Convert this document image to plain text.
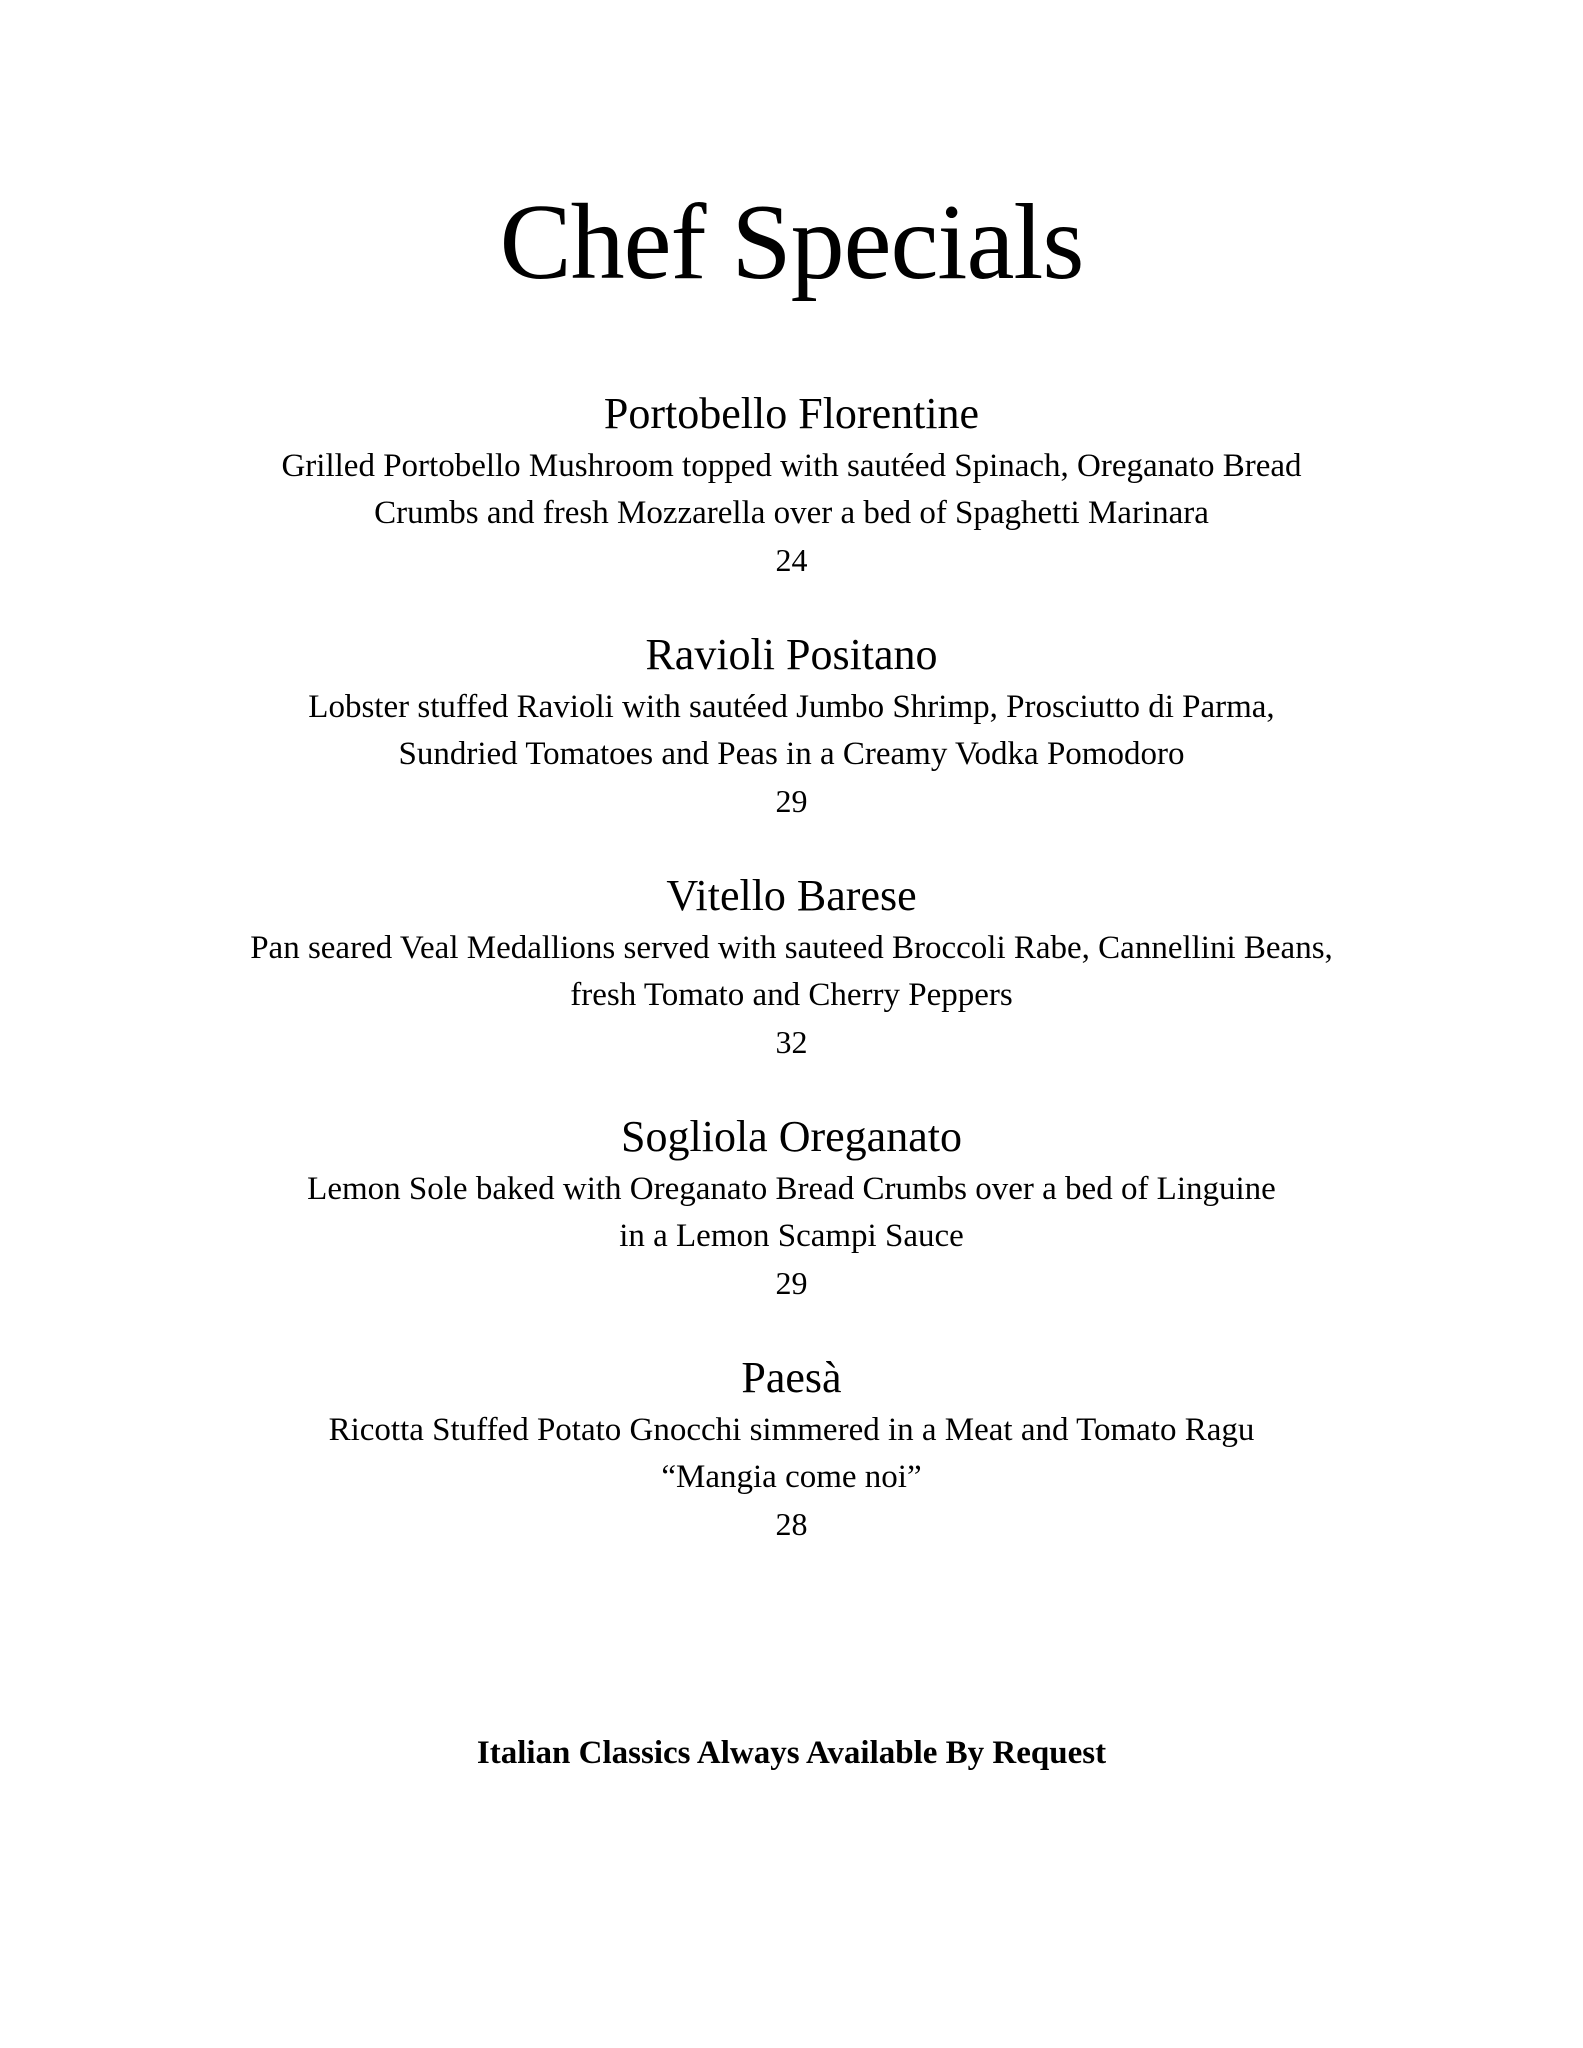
Chef Specials
Portobello Florentine

Grilled Portobello Mushroom topped with sautéed Spinach, Oreganato Bread
Crumbs and fresh Mozzarella over a bed of Spaghetti Marinara

24

Ravioli Positano

Lobster stuffed Ravioli with sautéed Jumbo Shrimp, Prosciutto di Parma,
Sundried Tomatoes and Peas in a Creamy Vodka Pomodoro

29

Vitello Barese

Pan seared Veal Medallions served with sauteed Broccoli Rabe, Cannellini Beans,
fresh Tomato and Cherry Peppers

32

Sogliola Oreganato

Lemon Sole baked with Oreganato Bread Crumbs over a bed of Linguine
in a Lemon Scampi Sauce

29

Paesà

Ricotta Stuffed Potato Gnocchi simmered in a Meat and Tomato Ragu
“Mangia come noi”

28

Italian Classics Always Available By Request
